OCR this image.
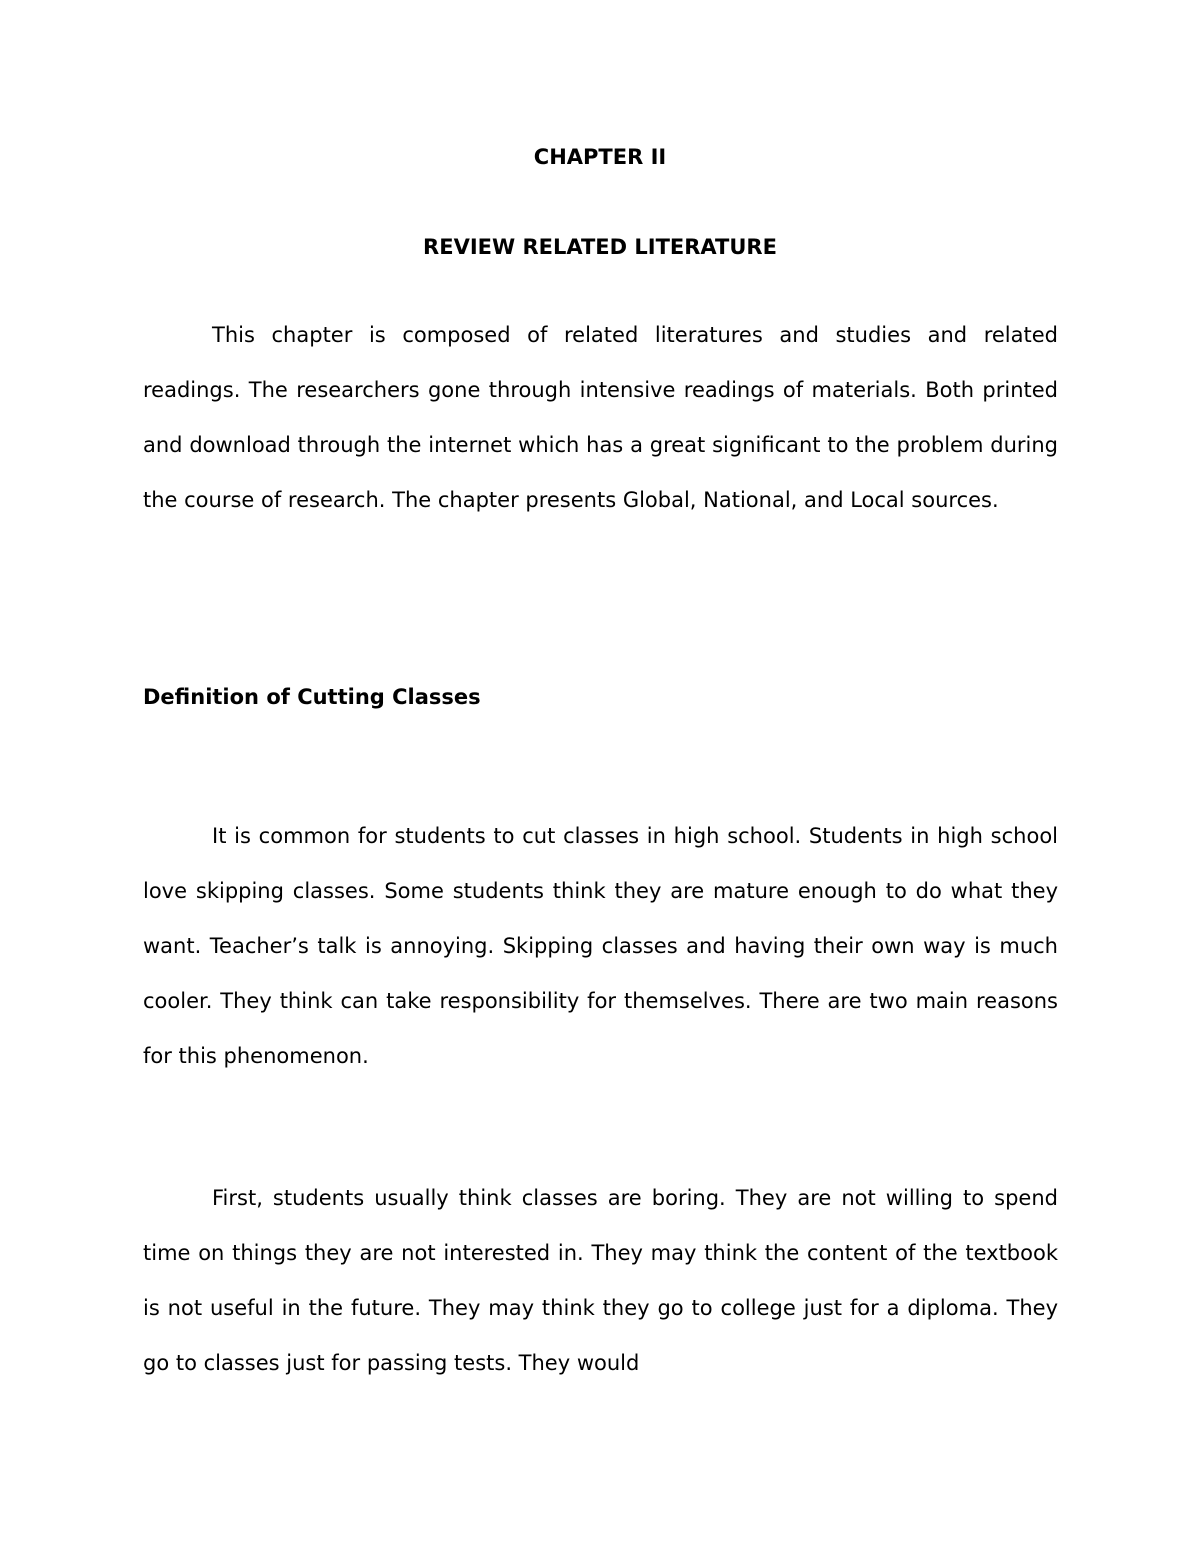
CHAPTER II
REVIEW RELATED LITERATURE

This chapter is composed of related literatures and studies and related readings. The researchers gone through intensive readings of materials. Both printed and download through the internet which has a great significant to the problem during the course of research. The chapter presents Global, National, and Local sources.

Definition of Cutting Classes

It is common for students to cut classes in high school. Students in high school love skipping classes. Some students think they are mature enough to do what they want. Teacher’s talk is annoying. Skipping classes and having their own way is much cooler. They think can take responsibility for themselves. There are two main reasons for this phenomenon.

First, students usually think classes are boring. They are not willing to spend time on things they are not interested in. They may think the content of the textbook is not useful in the future. They may think they go to college just for a diploma. They go to classes just for passing tests. They would
